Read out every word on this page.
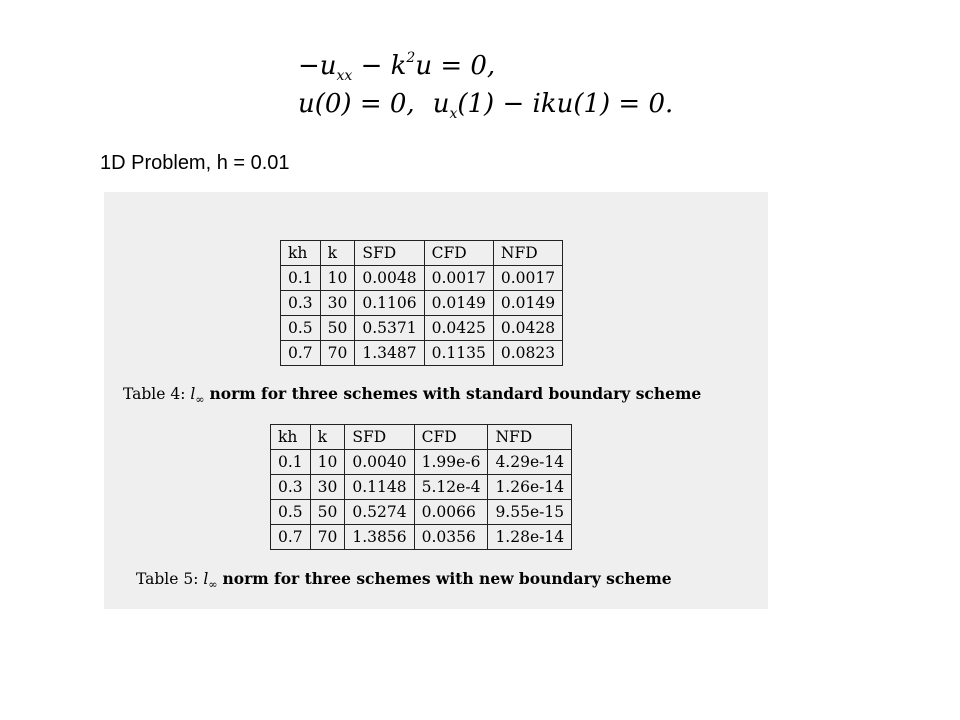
$-u_{xx} - k^2u = 0$,
u(0) = 0, $u_x(1) - iku(1) = 0$.
1D Problem, h = 0.01
kh	k	SFD	CFD	NFD
0.1	10	0.0048	0.0017	0.0017
0.3	30	0.1106	0.0149	0.0149
0.5	50	0.5371	0.0425	0.0428
0.7	70	1.3487	0.1135	0.0823
Table 4: $l_\infty$ norm for three schemes with standard boundary scheme
kh	k	SFD	CFD	NFD
0.1	10	0.0040	1.99e-6	4.29e-14
0.3	30	0.1148	5.12e-4	1.26e-14
0.5	50	0.5274	0.0066	9.55e-15
0.7	70	1.3856	0.0356	1.28e-14
Table 5: $l_\infty$ norm for three schemes with new boundary scheme
